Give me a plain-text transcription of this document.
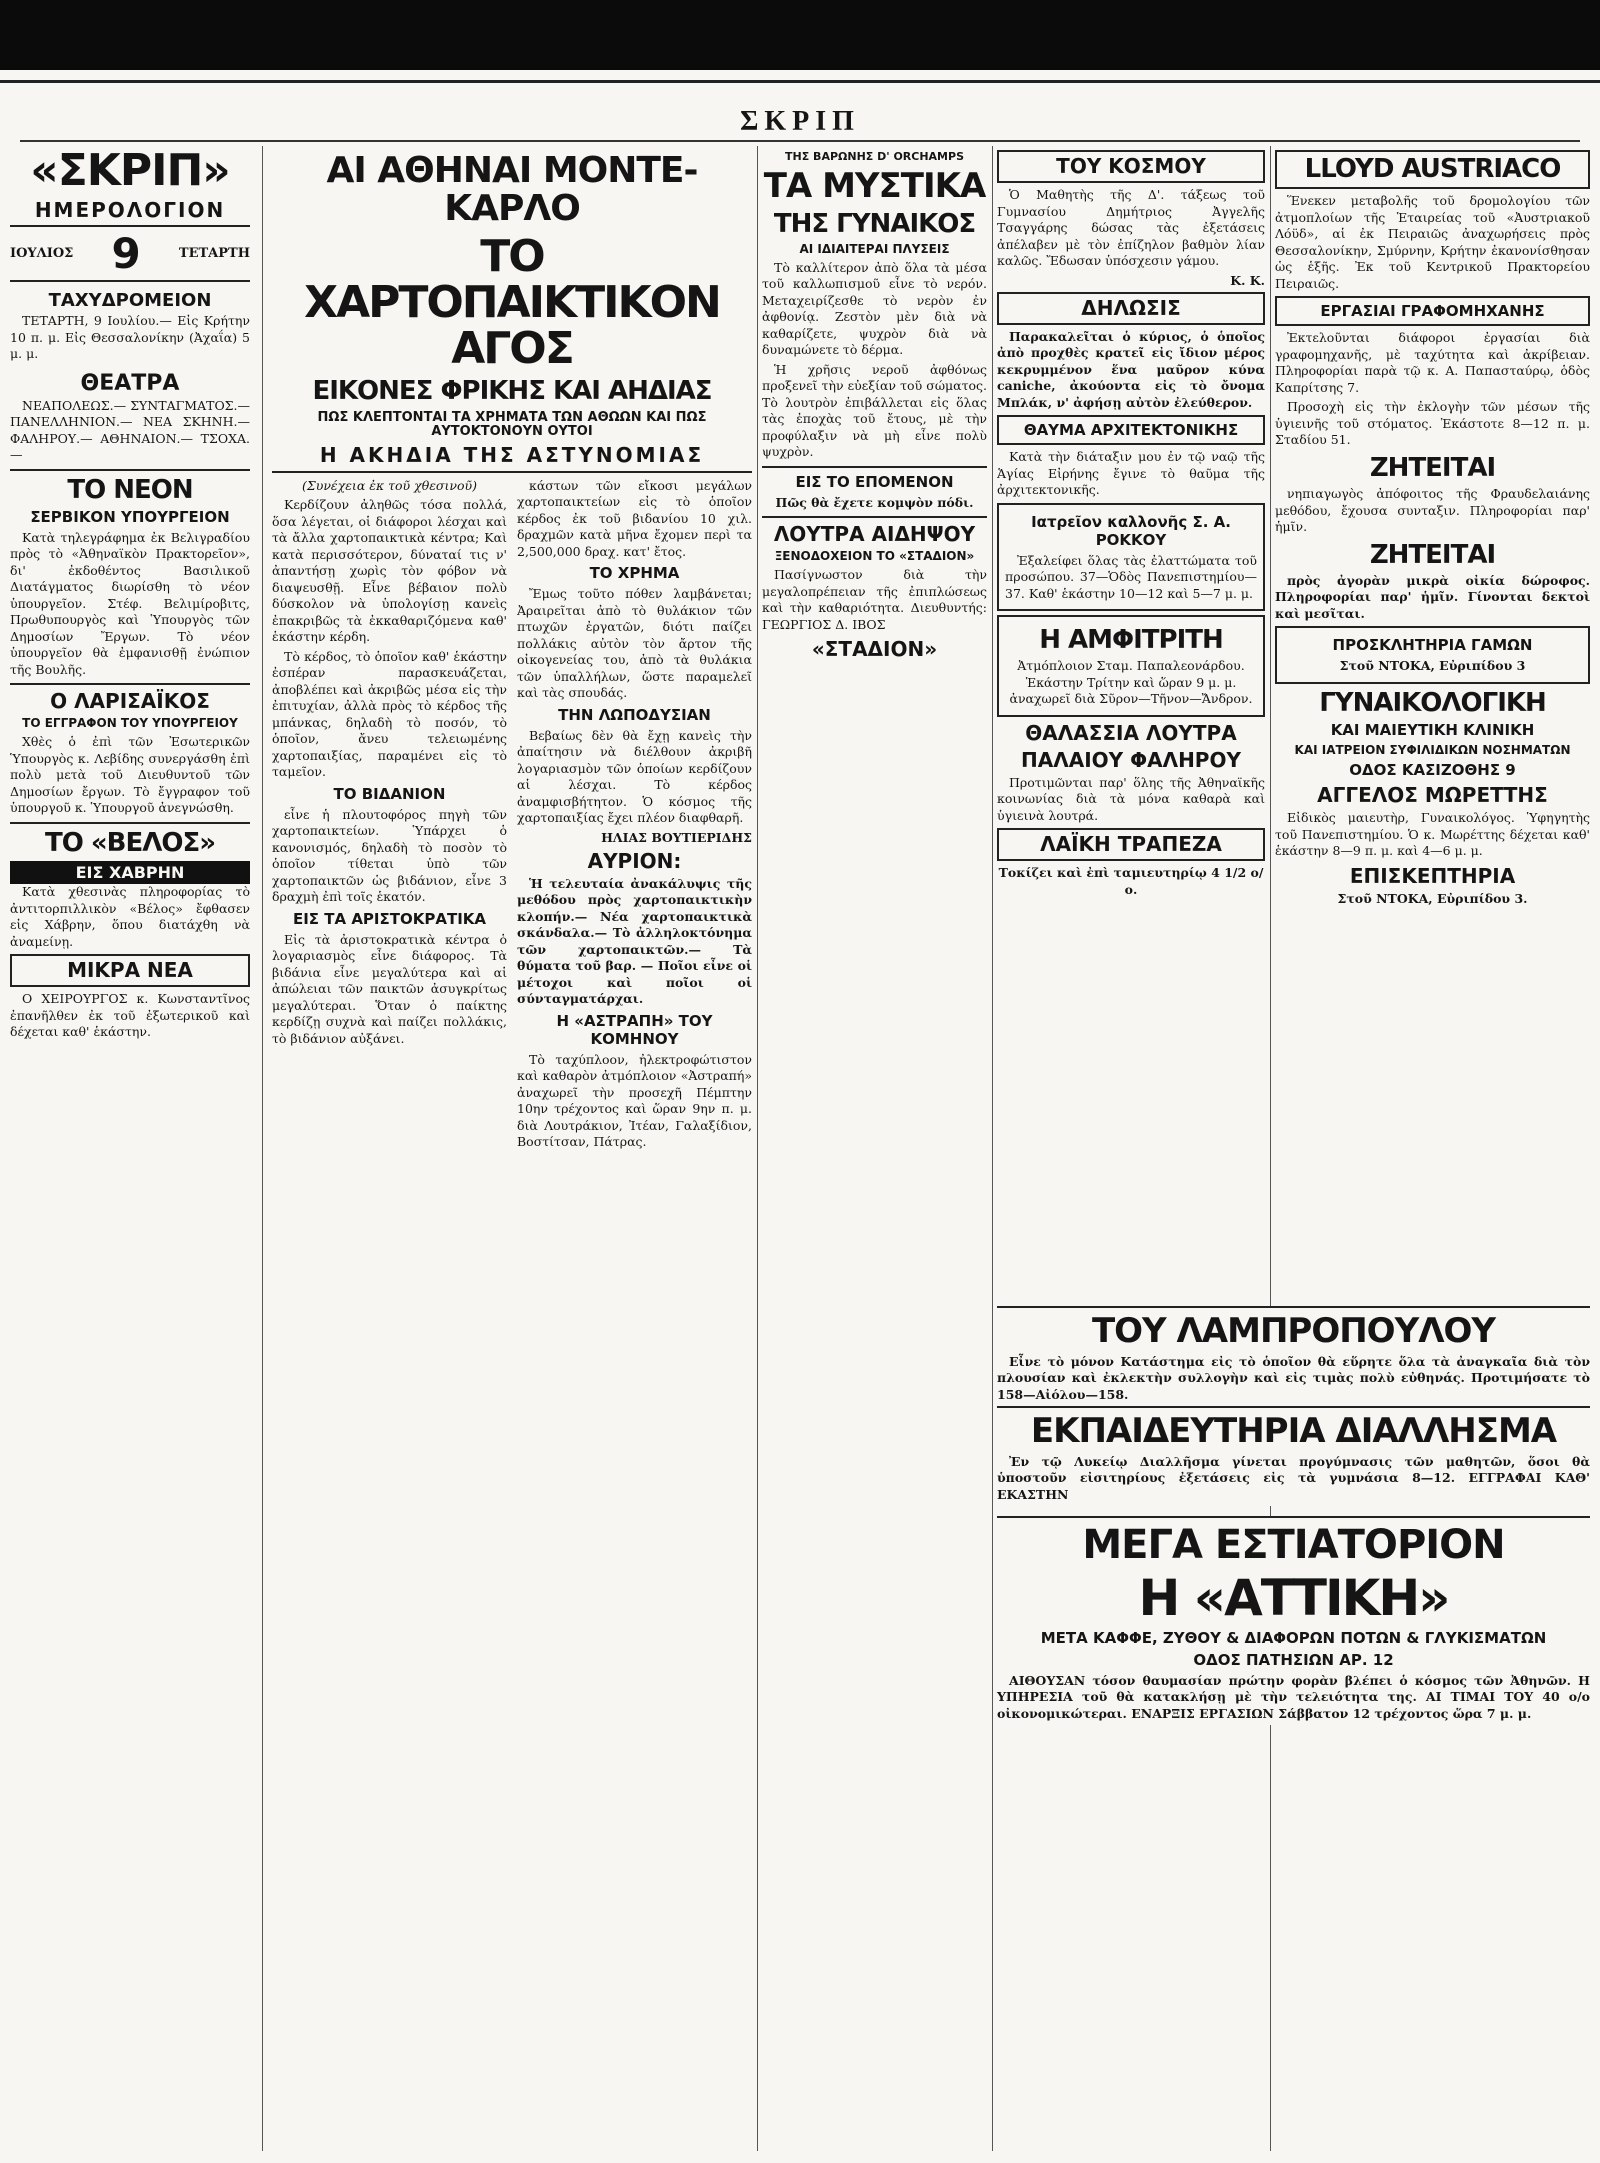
ΣΚΡΙΠ
«ΣΚΡΙΠ»
ΗΜΕΡΟΛΟΓΙΟΝ
ΙΟΥΛΙΟΣ 9	ΤΕΤΑΡΤΗ
ΤΑΧΥΔΡΟΜΕΙΟΝ

ΤΕΤΑΡΤΗ, 9 Ιουλίου.— Εἰς Κρήτην 10 π. μ. Εἰς Θεσσαλονίκην (Ἀχαΐα) 5 μ. μ.

ΘΕΑΤΡΑ

ΝΕΑΠΟΛΕΩΣ.— ΣΥΝΤΑΓΜΑΤΟΣ.— ΠΑΝΕΛΛΗΝΙΟΝ.— ΝΕΑ ΣΚΗΝΗ.— ΦΑΛΗΡΟΥ.— ΑΘΗΝΑΙΟΝ.— ΤΣΟΧΑ.—

ΤΟ ΝΕΟΝ
ΣΕΡΒΙΚΟΝ ΥΠΟΥΡΓΕΙΟΝ

Κατὰ τηλεγράφημα ἐκ Βελιγραδίου πρὸς τὸ «Ἀθηναϊκὸν Πρακτορεῖον», δι' ἐκδοθέντος Βασιλικοῦ Διατάγματος διωρίσθη τὸ νέον ὑπουργεῖον. Στέφ. Βελιμίροβιτς, Πρωθυπουργὸς καὶ Ὑπουργὸς τῶν Δημοσίων Ἔργων. Τὸ νέον ὑπουργεῖον θὰ ἐμφανισθῇ ἐνώπιον τῆς Βουλῆς.

Ο ΛΑΡΙΣΑΪΚΟΣ
ΤΟ ΕΓΓΡΑΦΟΝ ΤΟΥ ΥΠΟΥΡΓΕΙΟΥ

Χθὲς ὁ ἐπὶ τῶν Ἐσωτερικῶν Ὑπουργὸς κ. Λεβίδης συνεργάσθη ἐπὶ πολὺ μετὰ τοῦ Διευθυντοῦ τῶν Δημοσίων ἔργων. Τὸ ἔγγραφον τοῦ ὑπουργοῦ κ. Ὑπουργοῦ ἀνεγνώσθη.

ΤΟ «ΒΕΛΟΣ»
ΕΙΣ ΧΑΒΡΗΝ

Κατὰ χθεσινὰς πληροφορίας τὸ ἀντιτορπιλλικὸν «Βέλος» ἔφθασεν εἰς Χάβρην, ὅπου διατάχθη νὰ ἀναμείνῃ.

ΜΙΚΡΑ ΝΕΑ

Ο ΧΕΙΡΟΥΡΓΟΣ κ. Κωνσταντῖνος ἐπανῆλθεν ἐκ τοῦ ἐξωτερικοῦ καὶ δέχεται καθ' ἑκάστην.

ΑΙ ΑΘΗΝΑΙ ΜΟΝΤΕ-ΚΑΡΛΟ
ΤΟ ΧΑΡΤΟΠΑΙΚΤΙΚΟΝ ΑΓΟΣ
ΕΙΚΟΝΕΣ ΦΡΙΚΗΣ ΚΑΙ ΑΗΔΙΑΣ
ΠΩΣ ΚΛΕΠΤΟΝΤΑΙ ΤΑ ΧΡΗΜΑΤΑ ΤΩΝ ΑΘΩΩΝ ΚΑΙ ΠΩΣ ΑΥΤΟΚΤΟΝΟΥΝ ΟΥΤΟΙ
Η ΑΚΗΔΙΑ ΤΗΣ ΑΣΤΥΝΟΜΙΑΣ

(Συνέχεια ἐκ τοῦ χθεσινοῦ)

Κερδίζουν ἀληθῶς τόσα πολλά, ὅσα λέγεται, οἱ διάφοροι λέσχαι καὶ τὰ ἄλλα χαρτοπαικτικὰ κέντρα; Καὶ κατὰ περισσότερον, δύναταί τις ν' ἀπαντήσῃ χωρὶς τὸν φόβον νὰ διαψευσθῇ. Εἶνε βέβαιον πολὺ δύσκολον νὰ ὑπολογίσῃ κανεὶς ἐπακριβῶς τὰ ἐκκαθαριζόμενα καθ' ἑκάστην κέρδη.

Τὸ κέρδος, τὸ ὁποῖον καθ' ἑκάστην ἐσπέραν παρασκευάζεται, ἀποβλέπει καὶ ἀκριβῶς μέσα εἰς τὴν ἐπιτυχίαν, ἀλλὰ πρὸς τὸ κέρδος τῆς μπάνκας, δηλαδὴ τὸ ποσόν, τὸ ὁποῖον, ἄνευ τελειωμένης χαρτοπαιξίας, παραμένει εἰς τὸ ταμεῖον.

ΤΟ ΒΙΔΑΝΙΟΝ

εἶνε ἡ πλουτοφόρος πηγὴ τῶν χαρτοπαικτείων. Ὑπάρχει ὁ κανονισμός, δηλαδὴ τὸ ποσὸν τὸ ὁποῖον τίθεται ὑπὸ τῶν χαρτοπαικτῶν ὡς βιδάνιον, εἶνε 3 δραχμὴ ἐπὶ τοῖς ἑκατόν.

ΕΙΣ ΤΑ ΑΡΙΣΤΟΚΡΑΤΙΚΑ

Εἰς τὰ ἀριστοκρατικὰ κέντρα ὁ λογαριασμὸς εἶνε διάφορος. Τὰ βιδάνια εἶνε μεγαλύτερα καὶ αἱ ἀπώλειαι τῶν παικτῶν ἀσυγκρίτως μεγαλύτεραι. Ὅταν ὁ παίκτης κερδίζῃ συχνὰ καὶ παίζει πολλάκις, τὸ βιδάνιον αὐξάνει.

κάστων τῶν εἴκοσι μεγάλων χαρτοπαικτείων εἰς τὸ ὁποῖον κέρδος ἐκ τοῦ βιδανίου 10 χιλ. δραχμῶν κατὰ μῆνα ἔχομεν περὶ τα 2,500,000 δραχ. κατ' ἔτος.

ΤΟ ΧΡΗΜΑ

Ἔμως τοῦτο πόθεν λαμβάνεται; Ἀραιρεῖται ἀπὸ τὸ θυλάκιον τῶν πτωχῶν ἐργατῶν, διότι παίζει πολλάκις αὐτὸν τὸν ἄρτον τῆς οἰκογενείας του, ἀπὸ τὰ θυλάκια τῶν ὑπαλλήλων, ὥστε παραμελεῖ καὶ τὰς σπουδάς.

ΤΗΝ ΛΩΠΟΔΥΣΙΑΝ

Βεβαίως δὲν θὰ ἔχῃ κανεὶς τὴν ἀπαίτησιν νὰ διέλθουν ἀκριβῆ λογαριασμὸν τῶν ὁποίων κερδίζουν αἱ λέσχαι. Τὸ κέρδος ἀναμφισβήτητον. Ὁ κόσμος τῆς χαρτοπαιξίας ἔχει πλέον διαφθαρῆ.

ΗΛΙΑΣ ΒΟΥΤΙΕΡΙΔΗΣ
ΑΥΡΙΟΝ:

Ἡ τελευταία ἀνακάλυψις τῆς μεθόδου πρὸς χαρτοπαικτικὴν κλοπήν.— Νέα χαρτοπαικτικὰ σκάνδαλα.— Τὸ ἀλληλοκτόνημα τῶν χαρτοπαικτῶν.— Τὰ θύματα τοῦ βαρ. — Ποῖοι εἶνε οἱ μέτοχοι καὶ ποῖοι οἱ σύνταγματάρχαι.

Η «ΑΣΤΡΑΠΗ» ΤΟΥ ΚΟΜΗΝΟΥ

Τὸ ταχύπλοον, ἠλεκτροφώτιστον καὶ καθαρὸν ἀτμόπλοιον «Ἀστραπή» ἀναχωρεῖ τὴν προσεχῆ Πέμπτην 10ην τρέχοντος καὶ ὥραν 9ην π. μ. διὰ Λουτράκιον, Ἰτέαν, Γαλαξίδιον, Βοστίτσαν, Πάτρας.

ΤΗΣ ΒΑΡΩΝΗΣ D' ORCHAMPS
ΤΑ ΜΥΣΤΙΚΑ
ΤΗΣ ΓΥΝΑΙΚΟΣ
ΑΙ ΙΔΙΑΙΤΕΡΑΙ ΠΛΥΣΕΙΣ

Τὸ καλλίτερον ἀπὸ ὅλα τὰ μέσα τοῦ καλλωπισμοῦ εἶνε τὸ νερόν. Μεταχειρίζεσθε τὸ νερὸν ἐν ἀφθονίᾳ. Ζεστὸν μὲν διὰ νὰ καθαρίζετε, ψυχρὸν διὰ νὰ δυναμώνετε τὸ δέρμα.

Ἡ χρῆσις νεροῦ ἀφθόνως προξενεῖ τὴν εὐεξίαν τοῦ σώματος. Τὸ λουτρὸν ἐπιβάλλεται εἰς ὅλας τὰς ἐποχὰς τοῦ ἔτους, μὲ τὴν προφύλαξιν νὰ μὴ εἶνε πολὺ ψυχρὸν.

ΕΙΣ ΤΟ ΕΠΟΜΕΝΟΝ

Πῶς θὰ ἔχετε κομψὸν πόδι.

ΛΟΥΤΡΑ ΑΙΔΗΨΟΥ
ΞΕΝΟΔΟΧΕΙΟΝ ΤΟ «ΣΤΑΔΙΟΝ»

Πασίγνωστον διὰ τὴν μεγαλοπρέπειαν τῆς ἐπιπλώσεως καὶ τὴν καθαριότητα. Διευθυντής: ΓΕΩΡΓΙΟΣ Δ. ΙΒΟΣ

«ΣΤΑΔΙΟΝ»
ΤΟΥ ΚΟΣΜΟΥ

Ὁ Μαθητὴς τῆς Δ'. τάξεως τοῦ Γυμνασίου Δημήτριος Ἀγγελῆς Τσαγγάρης δώσας τὰς ἐξετάσεις ἀπέλαβεν μὲ τὸν ἐπίζηλον βαθμὸν λίαν καλῶς. Ἔδωσαν ὑπόσχεσιν γάμου.

Κ. Κ.
ΔΗΛΩΣΙΣ

Παρακαλεῖται ὁ κύριος, ὁ ὁποῖος ἀπὸ προχθὲς κρατεῖ εἰς ἴδιον μέρος κεκρυμμένον ἕνα μαῦρον κύνα caniche, ἀκούοντα εἰς τὸ ὄνομα Μπλάκ, ν' ἀφήσῃ αὐτὸν ἐλεύθερον.

ΘΑΥΜΑ ΑΡΧΙΤΕΚΤΟΝΙΚΗΣ

Κατὰ τὴν διάταξιν μου ἐν τῷ ναῷ τῆς Ἁγίας Εἰρήνης ἔγινε τὸ θαῦμα τῆς ἀρχιτεκτονικῆς.

Ιατρεῖον καλλονῆς Σ. Α. ΡΟΚΚΟΥ

Ἐξαλείφει ὅλας τὰς ἐλαττώματα τοῦ προσώπου. 37—Ὁδὸς Πανεπιστημίου—37. Καθ' ἑκάστην 10—12 καὶ 5—7 μ. μ.

Η ΑΜΦΙΤΡΙΤΗ

Ἀτμόπλοιον Σταμ. Παπαλεονάρδου. Ἑκάστην Τρίτην καὶ ὥραν 9 μ. μ. ἀναχωρεῖ διὰ Σῦρον—Τῆνον—Ἄνδρον.

ΘΑΛΑΣΣΙΑ ΛΟΥΤΡΑ
ΠΑΛΑΙΟΥ ΦΑΛΗΡΟΥ

Προτιμῶνται παρ' ὅλης τῆς Ἀθηναϊκῆς κοινωνίας διὰ τὰ μόνα καθαρὰ καὶ ὑγιεινὰ λουτρά.

ΛΑΪΚΗ ΤΡΑΠΕΖΑ

Τοκίζει καὶ ἐπὶ ταμιευτηρίῳ 4 1/2 ο/ο.

LLOYD AUSTRIACO

Ἕνεκεν μεταβολῆς τοῦ δρομολογίου τῶν ἀτμοπλοίων τῆς Ἑταιρείας τοῦ «Ἀυστριακοῦ Λόϋδ», αἱ ἐκ Πειραιῶς ἀναχωρήσεις πρὸς Θεσσαλονίκην, Σμύρνην, Κρήτην ἐκανονίσθησαν ὡς ἑξῆς. Ἐκ τοῦ Κεντρικοῦ Πρακτορείου Πειραιῶς.

ΕΡΓΑΣΙΑΙ ΓΡΑΦΟΜΗΧΑΝΗΣ

Ἐκτελοῦνται διάφοροι ἐργασίαι διὰ γραφομηχανῆς, μὲ ταχύτητα καὶ ἀκρίβειαν. Πληροφορίαι παρὰ τῷ κ. Α. Παπασταύρῳ, ὁδὸς Καπρίτσης 7.

Προσοχὴ εἰς τὴν ἐκλογὴν τῶν μέσων τῆς ὑγιεινῆς τοῦ στόματος. Ἐκάστοτε 8—12 π. μ. Σταδίου 51.

ΖΗΤΕΙΤΑΙ

νηπιαγωγὸς ἀπόφοιτος τῆς Φραυδελαιάνης μεθόδου, ἔχουσα συνταξιν. Πληροφορίαι παρ' ἡμῖν.

ΖΗΤΕΙΤΑΙ

πρὸς ἀγορὰν μικρὰ οἰκία δώροφος. Πληροφορίαι παρ' ἡμῖν. Γίνονται δεκτοὶ καὶ μεσῖται.

ΠΡΟΣΚΛΗΤΗΡΙΑ ΓΑΜΩΝ

Στοῦ ΝΤΟΚΑ, Εὐριπίδου 3

ΓΥΝΑΙΚΟΛΟΓΙΚΗ
ΚΑΙ ΜΑΙΕΥΤΙΚΗ ΚΛΙΝΙΚΗ
ΚΑΙ ΙΑΤΡΕΙΟΝ ΣΥΦΙΛΙΔΙΚΩΝ ΝΟΣΗΜΑΤΩΝ
ΟΔΟΣ ΚΑΣΙΖΟΘΗΣ 9
ΑΓΓΕΛΟΣ ΜΩΡΕΤΤΗΣ

Εἰδικὸς μαιευτὴρ, Γυναικολόγος. Ὑφηγητὴς τοῦ Πανεπιστημίου. Ὁ κ. Μωρέττης δέχεται καθ' ἑκάστην 8—9 π. μ. καὶ 4—6 μ. μ.

ΕΠΙΣΚΕΠΤΗΡΙΑ

Στοῦ ΝΤΟΚΑ, Εὐριπίδου 3.

ΤΟΥ ΛΑΜΠΡΟΠΟΥΛΟΥ

Εἶνε τὸ μόνον Κατάστημα εἰς τὸ ὁποῖον θὰ εὕρητε ὅλα τὰ ἀναγκαῖα διὰ τὸν πλουσίαν καὶ ἐκλεκτὴν συλλογὴν καὶ εἰς τιμὰς πολὺ εὐθηνάς. Προτιμήσατε τὸ 158—Αἰόλου—158.

ΕΚΠΑΙΔΕΥΤΗΡΙΑ ΔΙΑΛΛΗΣΜΑ

Ἐν τῷ Λυκείῳ Διαλλῆσμα γίνεται προγύμνασις τῶν μαθητῶν, ὅσοι θὰ ὑποστοῦν εἰσιτηρίους ἐξετάσεις εἰς τὰ γυμνάσια 8—12. ΕΓΓΡΑΦΑΙ ΚΑΘ' ΕΚΑΣΤΗΝ

ΜΕΓΑ ΕΣΤΙΑΤΟΡΙΟΝ
Η «ΑΤΤΙΚΗ»
ΜΕΤΑ ΚΑΦΦΕ, ΖΥΘΟΥ & ΔΙΑΦΟΡΩΝ ΠΟΤΩΝ & ΓΛΥΚΙΣΜΑΤΩΝ
ΟΔΟΣ ΠΑΤΗΣΙΩΝ ΑΡ. 12

ΑΙΘΟΥΣΑΝ τόσον θαυμασίαν πρώτην φορὰν βλέπει ὁ κόσμος τῶν Ἀθηνῶν. Η ΥΠΗΡΕΣΙΑ τοῦ θὰ κατακλήσῃ μὲ τὴν τελειότητα της. ΑΙ ΤΙΜΑΙ ΤΟΥ 40 ο/ο οἰκονομικώτεραι. ΕΝΑΡΞΙΣ ΕΡΓΑΣΙΩΝ Σάββατον 12 τρέχοντος ὥρα 7 μ. μ.
